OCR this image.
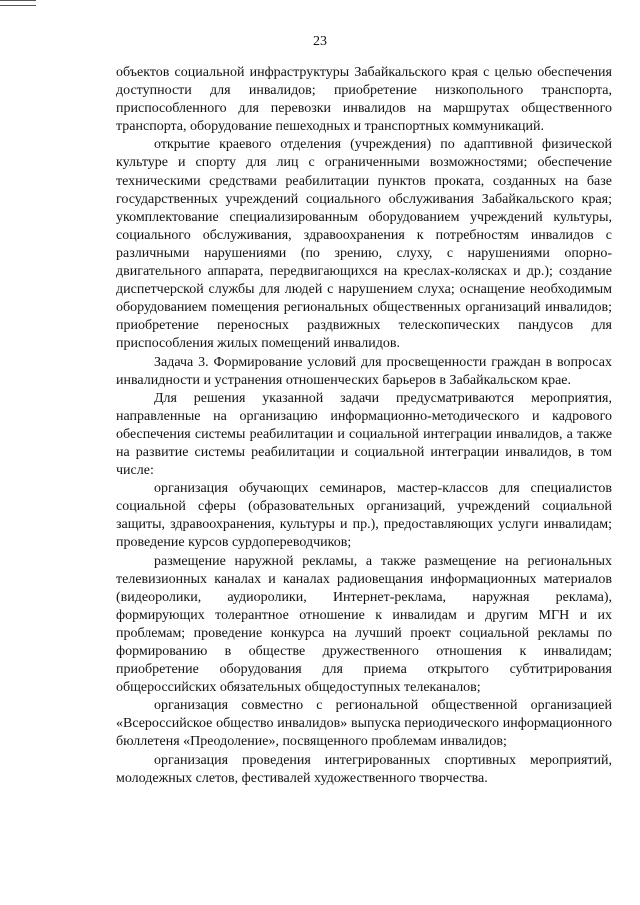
23

объектов социальной инфраструктуры Забайкальского края с целью обеспечения доступности для инвалидов; приобретение низкопольного транспорта, приспособленного для перевозки инвалидов на маршрутах общественного транспорта, оборудование пешеходных и транспортных коммуникаций.

открытие краевого отделения (учреждения) по адаптивной физической культуре и спорту для лиц с ограниченными возможностями; обеспечение техническими средствами реабилитации пунктов проката, созданных на базе государственных учреждений социального обслуживания Забайкальского края; укомплектование специализированным оборудованием учреждений культуры, социального обслуживания, здравоохранения к потребностям инвалидов с различными нарушениями (по зрению, слуху, с нарушениями опорно-двигательного аппарата, передвигающихся на креслах-колясках и др.); создание диспетчерской службы для людей с нарушением слуха; оснащение необходимым оборудованием помещения региональных общественных организаций инвалидов; приобретение переносных раздвижных телескопических пандусов для приспособления жилых помещений инвалидов.

Задача 3. Формирование условий для просвещенности граждан в вопросах инвалидности и устранения отношенческих барьеров в Забайкальском крае.

Для решения указанной задачи предусматриваются мероприятия, направленные на организацию информационно-методического и кадрового обеспечения системы реабилитации и социальной интеграции инвалидов, а также на развитие системы реабилитации и социальной интеграции инвалидов, в том числе:

организация обучающих семинаров, мастер-классов для специалистов социальной сферы (образовательных организаций, учреждений социальной защиты, здравоохранения, культуры и пр.), предоставляющих услуги инвалидам; проведение курсов сурдопереводчиков;

размещение наружной рекламы, а также размещение на региональных телевизионных каналах и каналах радиовещания информационных материалов (видеоролики, аудиоролики, Интернет-реклама, наружная реклама), формирующих толерантное отношение к инвалидам и другим МГН и их проблемам; проведение конкурса на лучший проект социальной рекламы по формированию в обществе дружественного отношения к инвалидам; приобретение оборудования для приема открытого субтитрирования общероссийских обязательных общедоступных телеканалов;

организация совместно с региональной общественной организацией «Всероссийское общество инвалидов» выпуска периодического информационного бюллетеня «Преодоление», посвященного проблемам инвалидов;

организация проведения интегрированных спортивных мероприятий, молодежных слетов, фестивалей художественного творчества.
